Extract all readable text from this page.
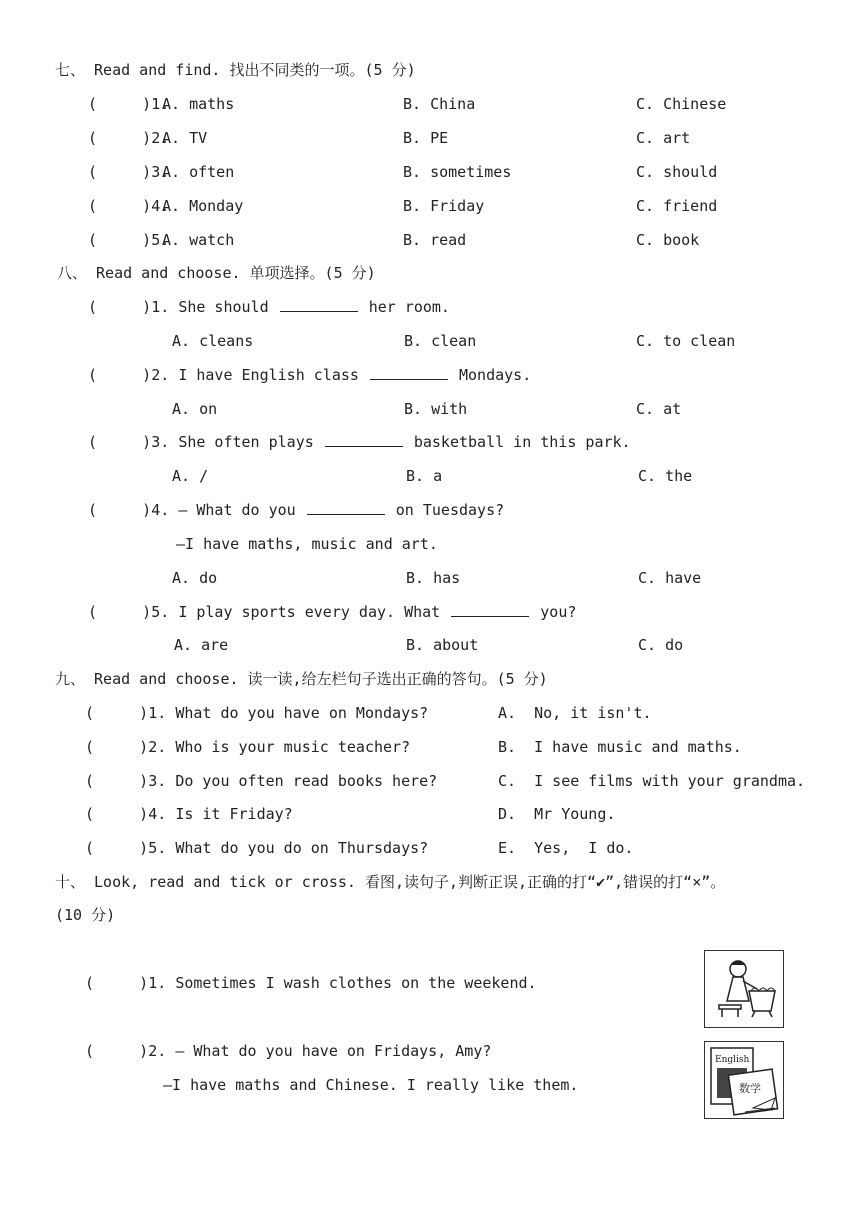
七、 Read and find. 找出不同类的一项。(5 分)
(     )1.
A. maths	B. China	C. Chinese
(     )2.
A. TV	B. PE	C. art
(     )3.
A. often	B. sometimes	C. should
(     )4.
A. Monday	B. Friday	C. friend
(     )5.
A. watch	B. read	C. book
八、 Read and choose. 单项选择。(5 分)
(     )1. She should	her room.
A. cleans	B. clean	C. to clean
(     )2. I have English class	Mondays.
A. on	B. with	C. at
(     )3. She often plays	basketball in this park.
A. /	B. a	C. the
(     )4. — What do you	on Tuesdays?
—I have maths, music and art.
A. do	B. has	C. have
(     )5. I play sports every day. What	you?
A. are	B. about	C. do
九、 Read and choose. 读一读,给左栏句子选出正确的答句。(5 分)
(     )1. What do you have on Mondays?	A.  No, it isn't.
(     )2. Who is your music teacher?	B.  I have music and maths.
(     )3. Do you often read books here?	C.  I see films with your grandma.
(     )4. Is it Friday?	D.  Mr Young.
(     )5. What do you do on Thursdays?	E.  Yes,  I do.
十、 Look, read and tick or cross. 看图,读句子,判断正误,正确的打“✔”,错误的打“×”。
(10 分)
(     )1. Sometimes I wash clothes on the weekend.
(     )2. — What do you have on Fridays, Amy?
—I have maths and Chinese. I really like them.
English
数学
